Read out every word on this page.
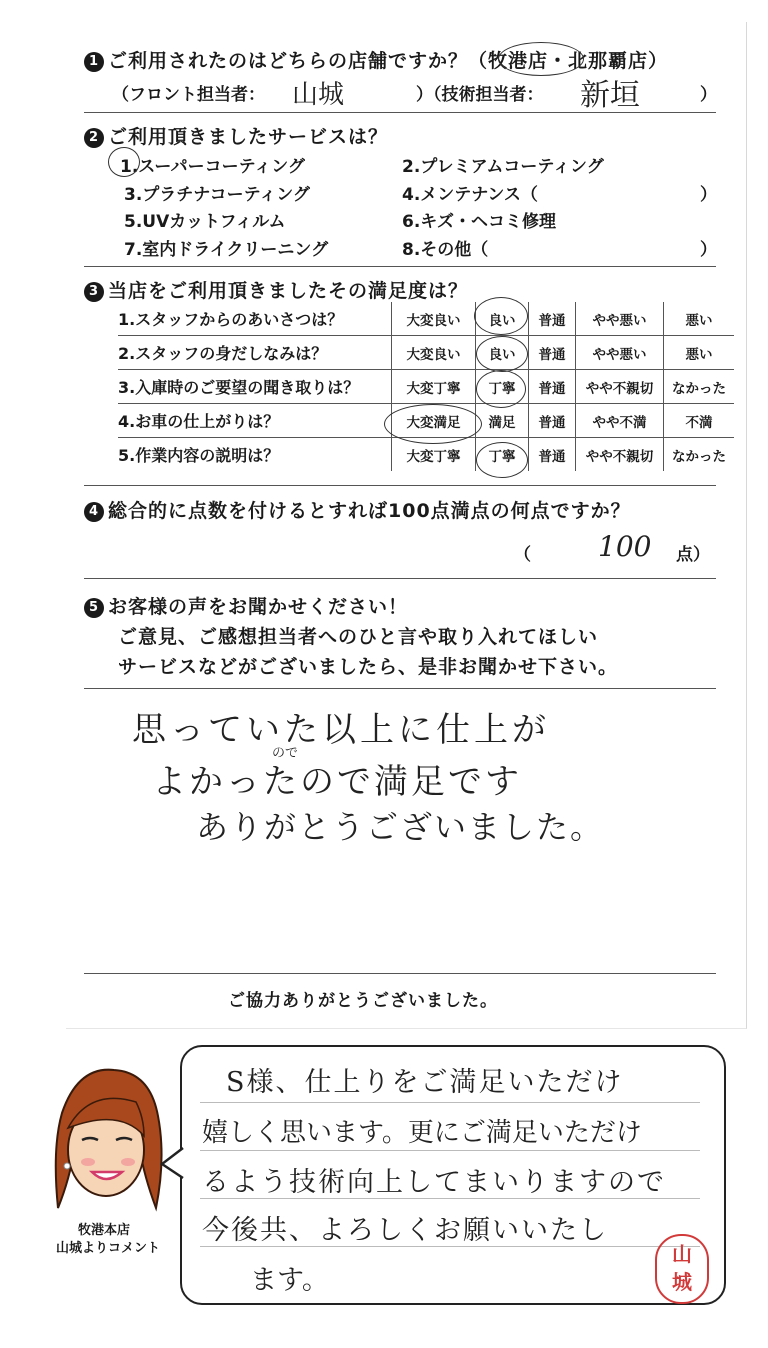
1 ご利用されたのはどちらの店舗ですか？（牧港店・北那覇店）
（フロント担当者： 山城	）（技術担当者： 新垣	）
2 ご利用頂きましたサービスは？
1.スーパーコーティング	2.プレミアムコーティング
3.プラチナコーティング	4.メンテナンス（	）
5.UVカットフィルム	6.キズ・ヘコミ修理
7.室内ドライクリーニング	8.その他（	）
3 当店をご利用頂きましたその満足度は？
1.スタッフからのあいさつは？	大変良い	良い	普通	やや悪い	悪い
2.スタッフの身だしなみは？	大変良い	良い	普通	やや悪い	悪い
3.入庫時のご要望の聞き取りは？	大変丁寧	丁寧	普通	やや不親切	なかった
4.お車の仕上がりは？	大変満足	満足	普通	やや不満	不満
5.作業内容の説明は？	大変丁寧	丁寧	普通	やや不親切	なかった
4 総合的に点数を付けるとすれば100点満点の何点ですか？
（ 100 点）
5 お客様の声をお聞かせください！
ご意見、ご感想担当者へのひと言や取り入れてほしい
サービスなどがございましたら、是非お聞かせ下さい。
思っていた以上に仕上が
ので
よかったので満足です
ありがとうございました。
ご協力ありがとうございました。
牧港本店
山城よりコメント
S様、仕上りをご満足いただけ
嬉しく思います。更にご満足いただけ
るよう技術向上してまいりますので
今後共、よろしくお願いいたし
ます。
山
城
